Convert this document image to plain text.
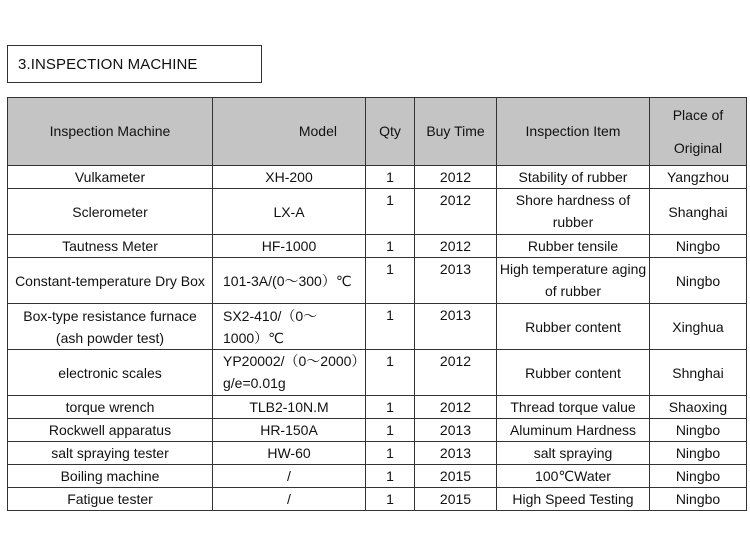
3.INSPECTION MACHINE
Inspection Machine	Model	Qty	Buy Time	Inspection Item	Place of Original
Vulkameter	XH-200	1	2012	Stability of rubber	Yangzhou
Sclerometer	LX-A	1	2012	Shore hardness of rubber	Shanghai
Tautness Meter	HF-1000	1	2012	Rubber tensile	Ningbo
Constant-temperature Dry Box	101-3A/(0～300）℃	1	2013	High temperature aging of rubber	Ningbo
Box-type resistance furnace (ash powder test)	SX2-410/（0～1000）℃	1	2013	Rubber content	Xinghua
electronic scales	YP20002/（0～2000）g/e=0.01g	1	2012	Rubber content	Shnghai
torque wrench	TLB2-10N.M	1	2012	Thread torque value	Shaoxing
Rockwell apparatus	HR-150A	1	2013	Aluminum Hardness	Ningbo
salt spraying tester	HW-60	1	2013	salt spraying	Ningbo
Boiling machine	/	1	2015	100℃Water	Ningbo
Fatigue tester	/	1	2015	High Speed Testing	Ningbo
